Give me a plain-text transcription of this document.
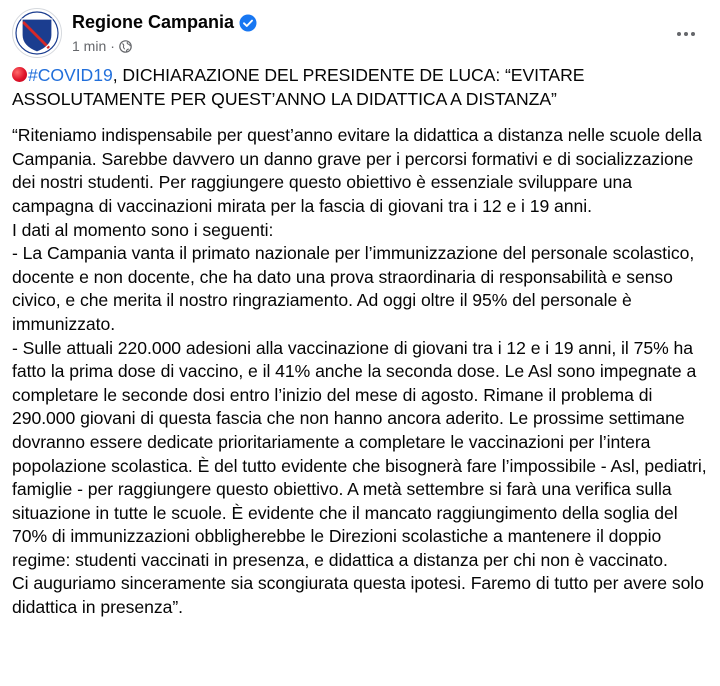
Regione Campania
1 min ·

#COVID19, DICHIARAZIONE DEL PRESIDENTE DE LUCA: “EVITARE ASSOLUTAMENTE PER QUEST’ANNO LA DIDATTICA A DISTANZA”

“Riteniamo indispensabile per quest’anno evitare la didattica a distanza nelle scuole della Campania. Sarebbe davvero un danno grave per i percorsi formativi e di socializzazione dei nostri studenti. Per raggiungere questo obiettivo è essenziale sviluppare una campagna di vaccinazioni mirata per la fascia di giovani tra i 12 e i 19 anni.

I dati al momento sono i seguenti:

- La Campania vanta il primato nazionale per l’immunizzazione del personale scolastico, docente e non docente, che ha dato una prova straordinaria di responsabilità e senso civico, e che merita il nostro ringraziamento. Ad oggi oltre il 95% del personale è immunizzato.

- Sulle attuali 220.000 adesioni alla vaccinazione di giovani tra i 12 e i 19 anni, il 75% ha fatto la prima dose di vaccino, e il 41% anche la seconda dose. Le Asl sono impegnate a completare le seconde dosi entro l’inizio del mese di agosto. Rimane il problema di 290.000 giovani di questa fascia che non hanno ancora aderito. Le prossime settimane dovranno essere dedicate prioritariamente a completare le vaccinazioni per l’intera popolazione scolastica. È del tutto evidente che bisognerà fare l’impossibile - Asl, pediatri, famiglie - per raggiungere questo obiettivo. A metà settembre si farà una verifica sulla situazione in tutte le scuole. È evidente che il mancato raggiungimento della soglia del 70% di immunizzazioni obbligherebbe le Direzioni scolastiche a mantenere il doppio regime: studenti vaccinati in presenza, e didattica a distanza per chi non è vaccinato.

Ci auguriamo sinceramente sia scongiurata questa ipotesi. Faremo di tutto per avere solo didattica in presenza”.
